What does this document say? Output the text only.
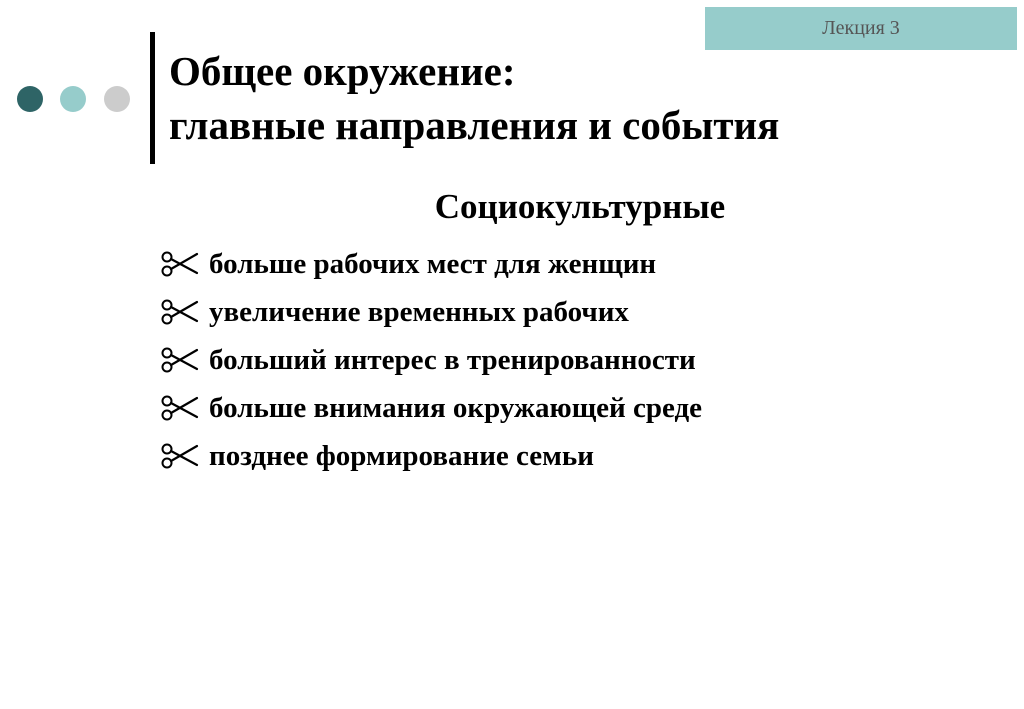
Лекция 3
Общее окружение:
главные направления и события
Социокультурные
больше рабочих мест для женщин
увеличение временных рабочих
больший интерес в тренированности
больше внимания окружающей среде
позднее формирование семьи
